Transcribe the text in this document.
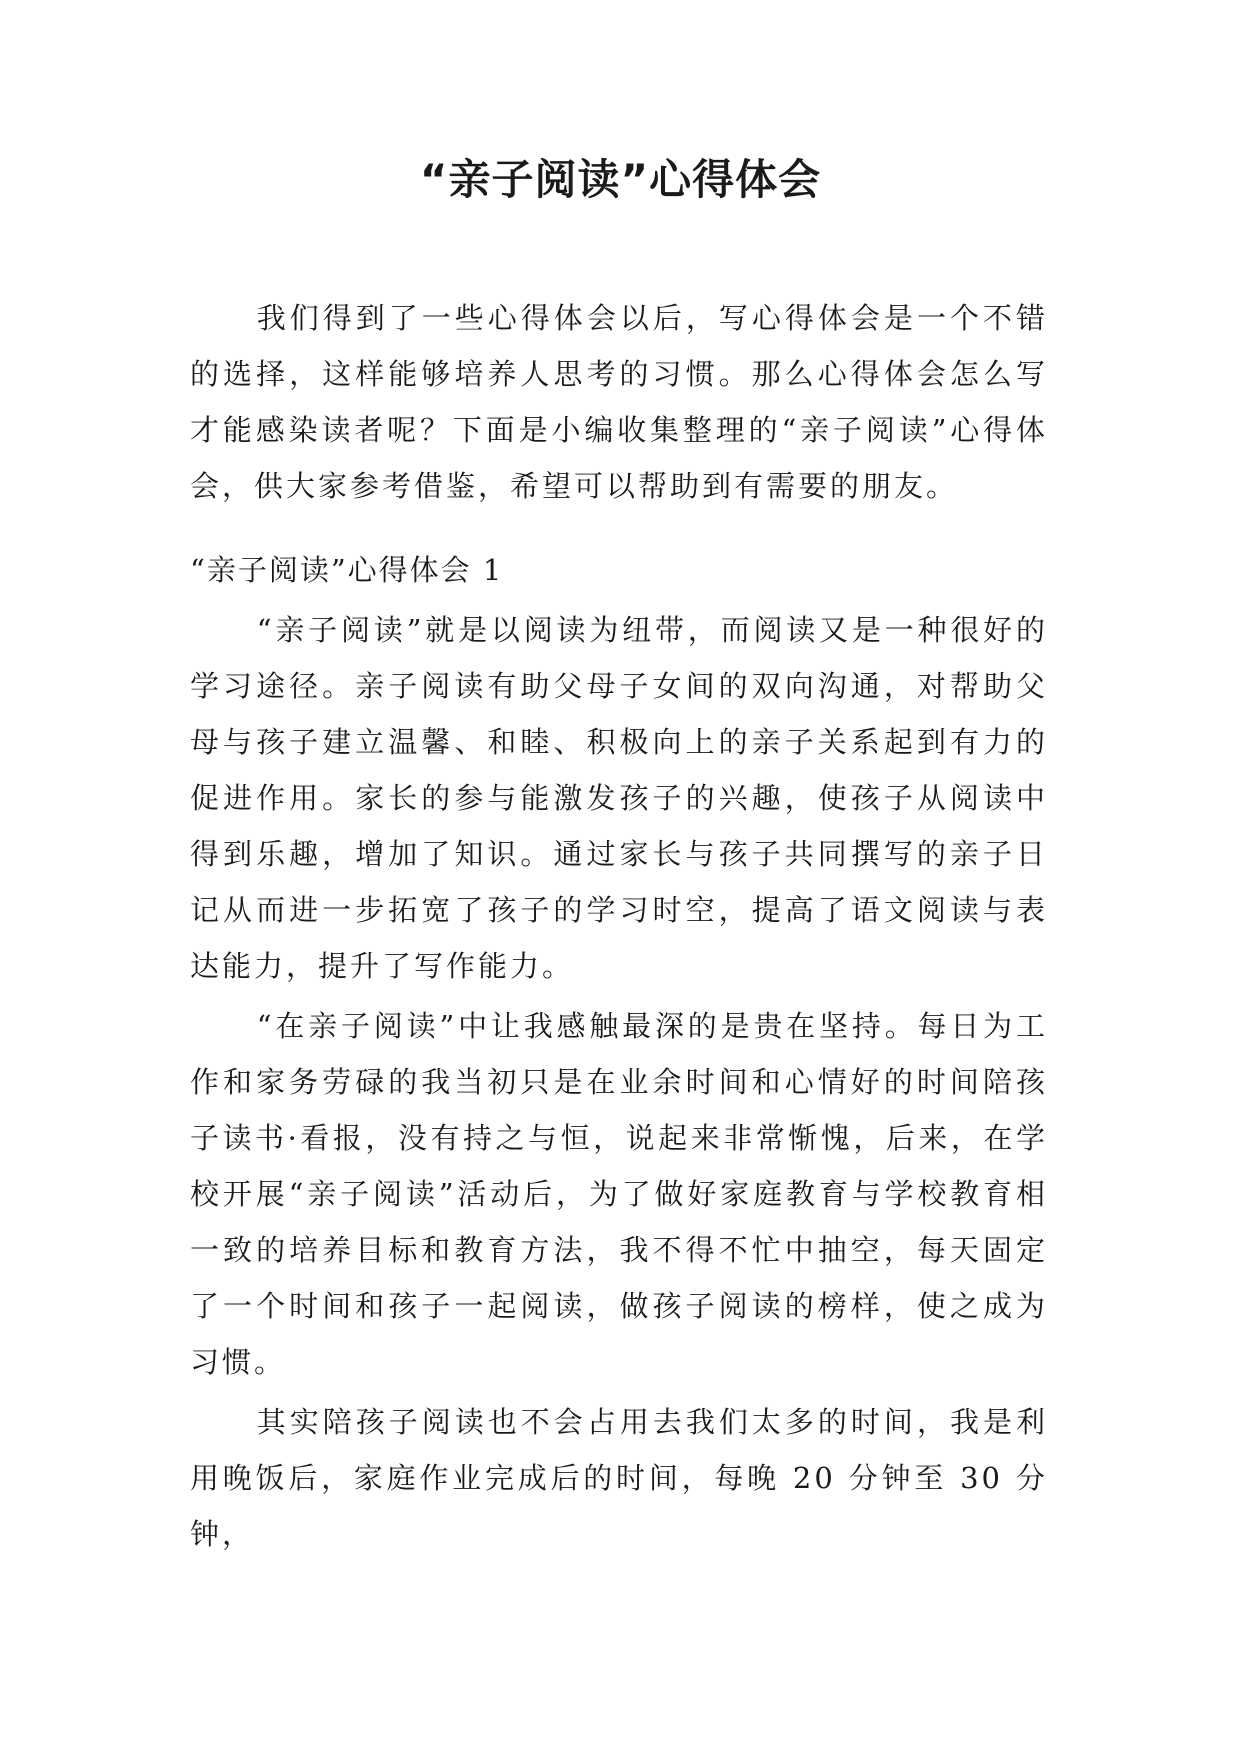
“亲子阅读”心得体会

我们得到了一些心得体会以后，写心得体会是一个不错的选择，这样能够培养人思考的习惯。那么心得体会怎么写才能感染读者呢？下面是小编收集整理的“亲子阅读”心得体会，供大家参考借鉴，希望可以帮助到有需要的朋友。

“亲子阅读”心得体会 1

“亲子阅读”就是以阅读为纽带，而阅读又是一种很好的学习途径。亲子阅读有助父母子女间的双向沟通，对帮助父母与孩子建立温馨、和睦、积极向上的亲子关系起到有力的促进作用。家长的参与能激发孩子的兴趣，使孩子从阅读中得到乐趣，增加了知识。通过家长与孩子共同撰写的亲子日记从而进一步拓宽了孩子的学习时空，提高了语文阅读与表达能力，提升了写作能力。

“在亲子阅读”中让我感触最深的是贵在坚持。每日为工作和家务劳碌的我当初只是在业余时间和心情好的时间陪孩子读书·看报，没有持之与恒，说起来非常惭愧，后来，在学校开展“亲子阅读”活动后，为了做好家庭教育与学校教育相一致的培养目标和教育方法，我不得不忙中抽空，每天固定了一个时间和孩子一起阅读，做孩子阅读的榜样，使之成为习惯。

其实陪孩子阅读也不会占用去我们太多的时间，我是利用晚饭后，家庭作业完成后的时间，每晚 20 分钟至 30 分钟，
